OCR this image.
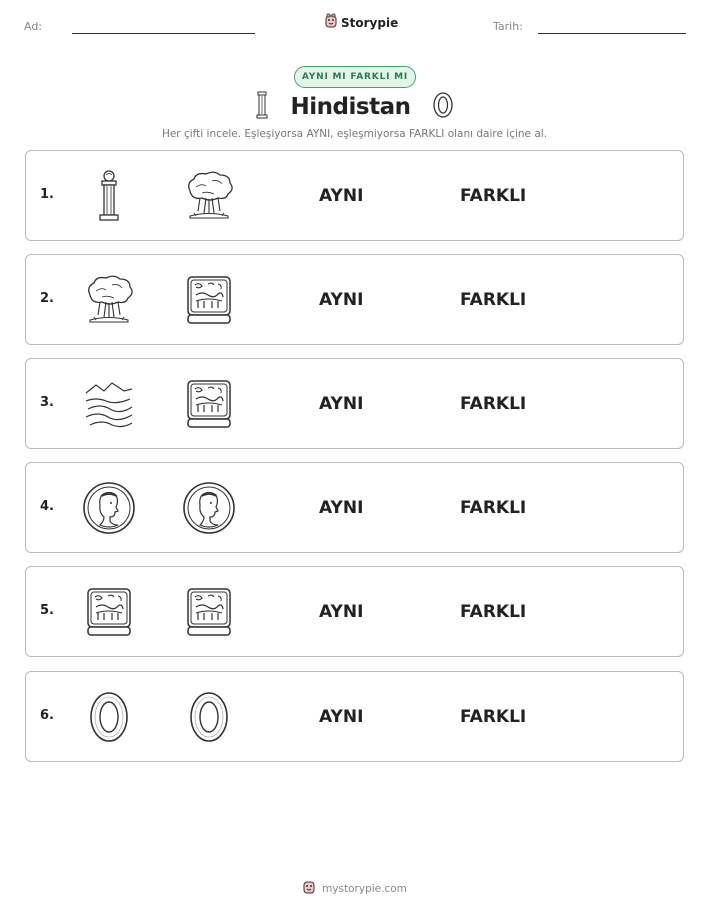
Ad:	Storypie	Tarih:
AYNI MI FARKLI MI
Hindistan
Her çifti incele. Eşleşiyorsa AYNI, eşleşmiyorsa FARKLI olanı daire içine al.
1.	AYNI	FARKLI
2.	AYNI	FARKLI
3.	AYNI	FARKLI
4.	AYNI	FARKLI
5.	AYNI	FARKLI
6.	AYNI	FARKLI
mystorypie.com
